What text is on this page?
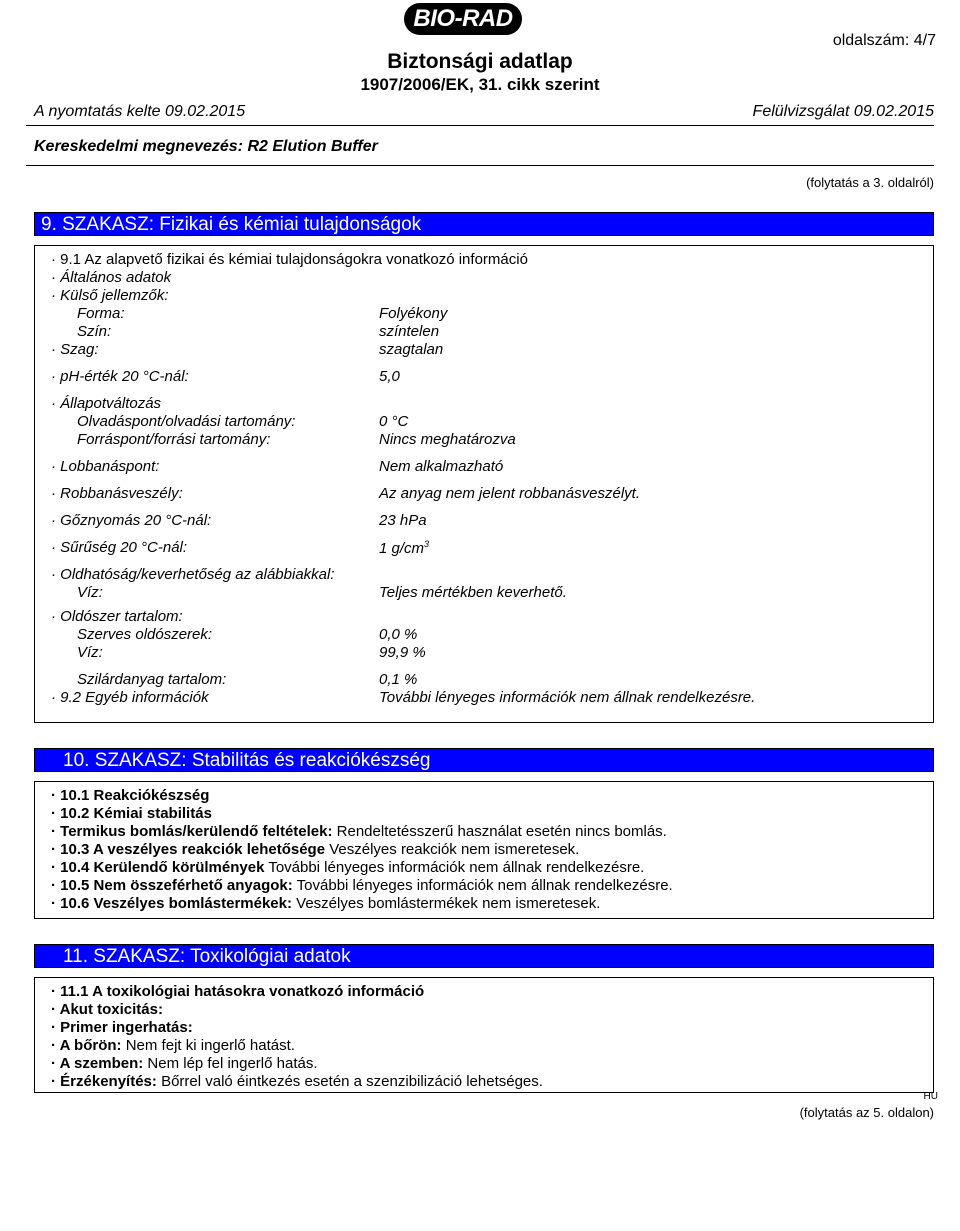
BIO-RAD
oldalszám: 4/7
Biztonsági adatlap
1907/2006/EK, 31. cikk szerint
A nyomtatás kelte 09.02.2015	Felülvizsgálat 09.02.2015
Kereskedelmi megnevezés: R2 Elution Buffer
(folytatás a 3. oldalról)
9. SZAKASZ: Fizikai és kémiai tulajdonságok
· 9.1 Az alapvető fizikai és kémiai tulajdonságokra vonatkozó információ
· Általános adatok
· Külső jellemzők:
Forma:	Folyékony
Szín:	színtelen
· Szag:	szagtalan
· pH-érték 20 °C-nál:	5,0
· Állapotváltozás
Olvadáspont/olvadási tartomány:	0 °C
Forráspont/forrási tartomány:	Nincs meghatározva
· Lobbanáspont:	Nem alkalmazható
· Robbanásveszély:	Az anyag nem jelent robbanásveszélyt.
· Gőznyomás 20 °C-nál:	23 hPa
· Sűrűség 20 °C-nál:	1 $g/cm^3$
· Oldhatóság/keverhetőség az alábbiakkal:
Víz:	Teljes mértékben keverhető.
· Oldószer tartalom:
Szerves oldószerek:	0,0 %
Víz:	99,9 %
Szilárdanyag tartalom:	0,1 %
· 9.2 Egyéb információk	További lényeges információk nem állnak rendelkezésre.
10. SZAKASZ: Stabilitás és reakciókészség
· 10.1 Reakciókészség
· 10.2 Kémiai stabilitás
· Termikus bomlás/kerülendő feltételek: Rendeltetésszerű használat esetén nincs bomlás.
· 10.3 A veszélyes reakciók lehetősége Veszélyes reakciók nem ismeretesek.
· 10.4 Kerülendő körülmények További lényeges információk nem állnak rendelkezésre.
· 10.5 Nem összeférhető anyagok: További lényeges információk nem állnak rendelkezésre.
· 10.6 Veszélyes bomlástermékek: Veszélyes bomlástermékek nem ismeretesek.
11. SZAKASZ: Toxikológiai adatok
· 11.1 A toxikológiai hatásokra vonatkozó információ
· Akut toxicitás:
· Primer ingerhatás:
· A bőrön: Nem fejt ki ingerlő hatást.
· A szemben: Nem lép fel ingerlő hatás.
· Érzékenyítés: Bőrrel való éintkezés esetén a szenzibilizáció lehetséges.
HU
(folytatás az 5. oldalon)
